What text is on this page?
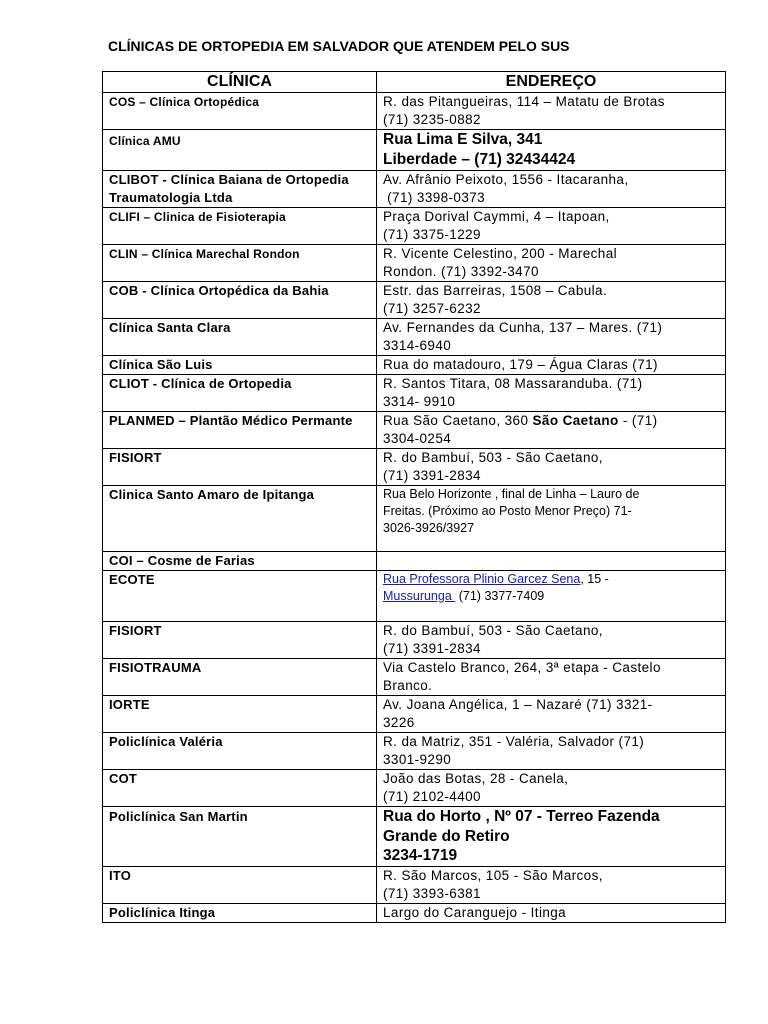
CLÍNICAS DE ORTOPEDIA EM SALVADOR QUE ATENDEM PELO SUS
CLÍNICA	ENDEREÇO
COS – Clínica Ortopédica	R. das Pitangueiras, 114 – Matatu de Brotas
(71) 3235-0882

Clínica AMU	Rua Lima E Silva, 341
Liberdade – (71) 32434424

CLIBOT - Clínica Baiana de Ortopedia Traumatologia Ltda	Av. Afrânio Peixoto, 1556 - Itacaranha,
(71) 3398-0373

CLIFI – Clinica de Fisioterapia	Praça Dorival Caymmi, 4 – Itapoan,
(71) 3375-1229

CLIN – Clínica Marechal Rondon	R. Vicente Celestino, 200 - Marechal
Rondon. (71) 3392-3470

COB - Clínica Ortopédica da Bahia	Estr. das Barreiras, 1508 – Cabula.
(71) 3257-6232

Clínica Santa Clara	Av. Fernandes da Cunha, 137 – Mares. (71)
3314-6940

Clínica São Luis	Rua do matadouro, 179 – Água Claras (71)

CLIOT - Clínica de Ortopedia	R. Santos Titara, 08 Massaranduba. (71)
3314- 9910

PLANMED – Plantão Médico Permante	Rua São Caetano, 360 São Caetano - (71)
3304-0254

FISIORT	R. do Bambuí, 503 - São Caetano,
(71) 3391-2834

Clinica Santo Amaro de Ipitanga	Rua Belo Horizonte , final de Linha – Lauro de
Freitas. (Próximo ao Posto Menor Preço) 71-
3026-3926/3927

COI – Cosme de Farias	
ECOTE	Rua Professora Plinio Garcez Sena, 15 -
Mussurunga  (71) 3377-7409

FISIORT	R. do Bambuí, 503 - São Caetano,
(71) 3391-2834

FISIOTRAUMA	Via Castelo Branco, 264, 3ª etapa - Castelo
Branco.

IORTE	Av. Joana Angélica, 1 – Nazaré (71) 3321-
3226

Policlínica Valéria	R. da Matriz, 351 - Valéria, Salvador (71)
3301-9290

COT	João das Botas, 28 - Canela,
(71) 2102-4400

Policlínica San Martin	Rua do Horto , Nº 07 - Terreo Fazenda
Grande do Retiro
3234-1719

ITO	R. São Marcos, 105 - São Marcos,
(71) 3393-6381

Policlínica Itinga	Largo do Caranguejo - Itinga
